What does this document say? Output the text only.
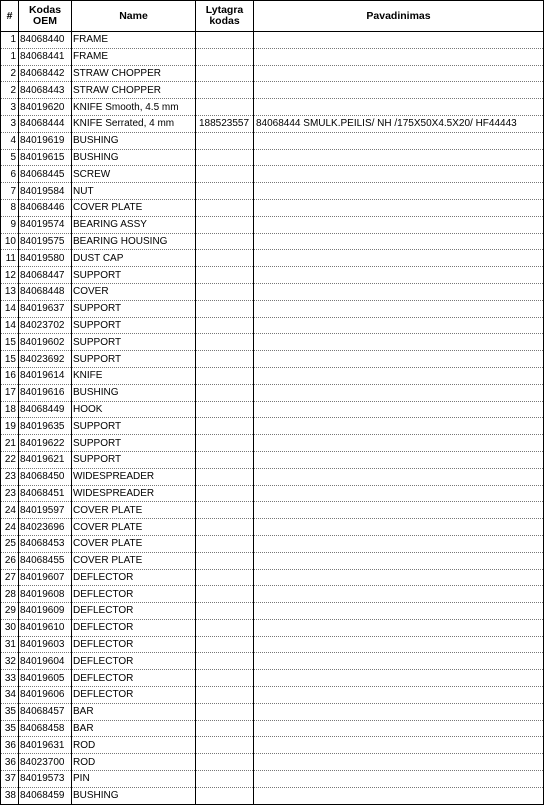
#	Kodas OEM	Name	Lytagra kodas	Pavadinimas
1	84068440	FRAME		
1	84068441	FRAME		
2	84068442	STRAW CHOPPER		
2	84068443	STRAW CHOPPER		
3	84019620	KNIFE Smooth, 4.5 mm		
3	84068444	KNIFE Serrated, 4 mm	188523557	84068444 SMULK.PEILIS/ NH /175X50X4.5X20/ HF44443
4	84019619	BUSHING		
5	84019615	BUSHING		
6	84068445	SCREW		
7	84019584	NUT		
8	84068446	COVER PLATE		
9	84019574	BEARING ASSY		
10	84019575	BEARING HOUSING		
11	84019580	DUST CAP		
12	84068447	SUPPORT		
13	84068448	COVER		
14	84019637	SUPPORT		
14	84023702	SUPPORT		
15	84019602	SUPPORT		
15	84023692	SUPPORT		
16	84019614	KNIFE		
17	84019616	BUSHING		
18	84068449	HOOK		
19	84019635	SUPPORT		
21	84019622	SUPPORT		
22	84019621	SUPPORT		
23	84068450	WIDESPREADER		
23	84068451	WIDESPREADER		
24	84019597	COVER PLATE		
24	84023696	COVER PLATE		
25	84068453	COVER PLATE		
26	84068455	COVER PLATE		
27	84019607	DEFLECTOR		
28	84019608	DEFLECTOR		
29	84019609	DEFLECTOR		
30	84019610	DEFLECTOR		
31	84019603	DEFLECTOR		
32	84019604	DEFLECTOR		
33	84019605	DEFLECTOR		
34	84019606	DEFLECTOR		
35	84068457	BAR		
35	84068458	BAR		
36	84019631	ROD		
36	84023700	ROD		
37	84019573	PIN		
38	84068459	BUSHING		
